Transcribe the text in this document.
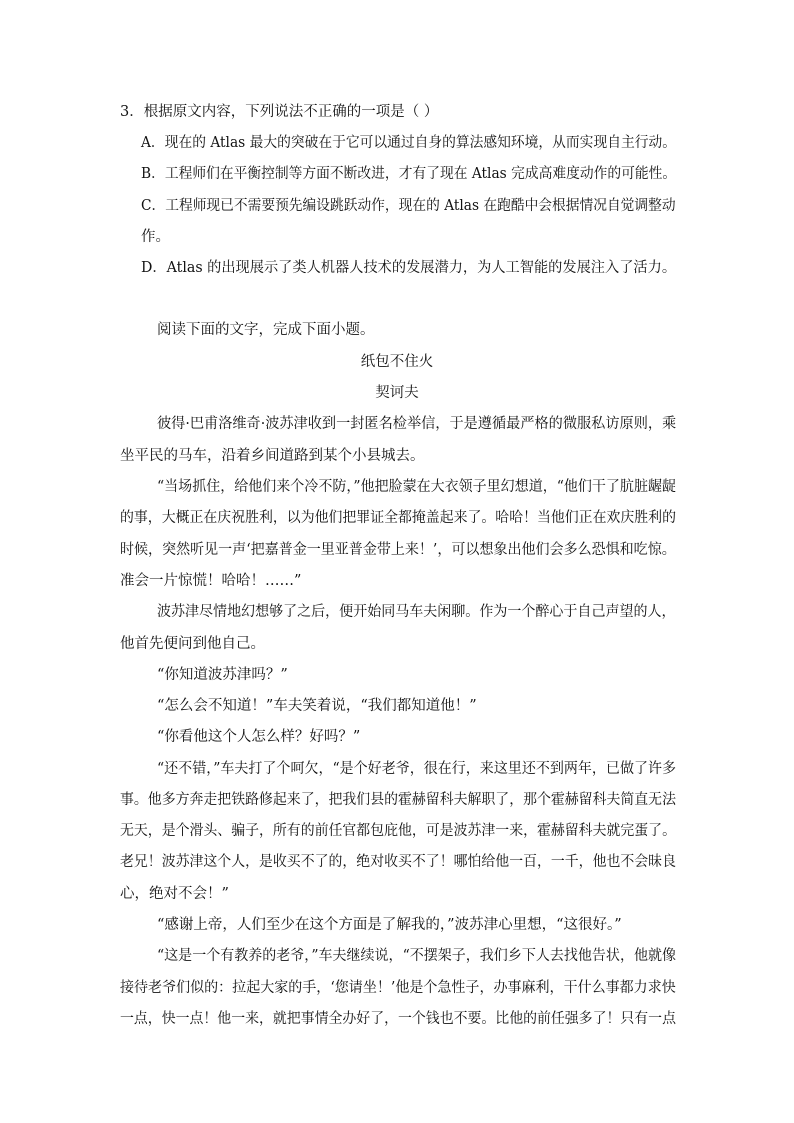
3．根据原文内容，下列说法不正确的一项是（ ）
A．现在的 Atlas 最大的突破在于它可以通过自身的算法感知环境，从而实现自主行动。
B．工程师们在平衡控制等方面不断改进，才有了现在 Atlas 完成高难度动作的可能性。
C．工程师现已不需要预先编设跳跃动作，现在的 Atlas 在跑酷中会根据情况自觉调整动
作。
D．Atlas 的出现展示了类人机器人技术的发展潜力，为人工智能的发展注入了活力。
阅读下面的文字，完成下面小题。
纸包不住火
契诃夫
彼得·巴甫洛维奇·波苏津收到一封匿名检举信，于是遵循最严格的微服私访原则，乘
坐平民的马车，沿着乡间道路到某个小县城去。
“当场抓住，给他们来个冷不防，”他把脸蒙在大衣领子里幻想道，“他们干了肮脏龌龊
的事，大概正在庆祝胜利，以为他们把罪证全都掩盖起来了。哈哈！当他们正在欢庆胜利的
时候，突然听见一声‘把嘉普金一里亚普金带上来！’，可以想象出他们会多么恐惧和吃惊。
准会一片惊慌！哈哈！……”
波苏津尽情地幻想够了之后，便开始同马车夫闲聊。作为一个醉心于自己声望的人，
他首先便问到他自己。
“你知道波苏津吗？”
“怎么会不知道！”车夫笑着说，“我们都知道他！”
“你看他这个人怎么样？好吗？”
“还不错，”车夫打了个呵欠，“是个好老爷，很在行，来这里还不到两年，已做了许多
事。他多方奔走把铁路修起来了，把我们县的霍赫留科夫解职了，那个霍赫留科夫简直无法
无天，是个滑头、骗子，所有的前任官都包庇他，可是波苏津一来，霍赫留科夫就完蛋了。
老兄！波苏津这个人，是收买不了的，绝对收买不了！哪怕给他一百，一千，他也不会昧良
心，绝对不会！”
“感谢上帝，人们至少在这个方面是了解我的，”波苏津心里想，“这很好。”
“这是一个有教养的老爷，”车夫继续说，“不摆架子，我们乡下人去找他告状，他就像
接待老爷们似的：拉起大家的手，‘您请坐！’他是个急性子，办事麻利，干什么事都力求快
一点，快一点！他一来，就把事情全办好了，一个钱也不要。比他的前任强多了！只有一点
